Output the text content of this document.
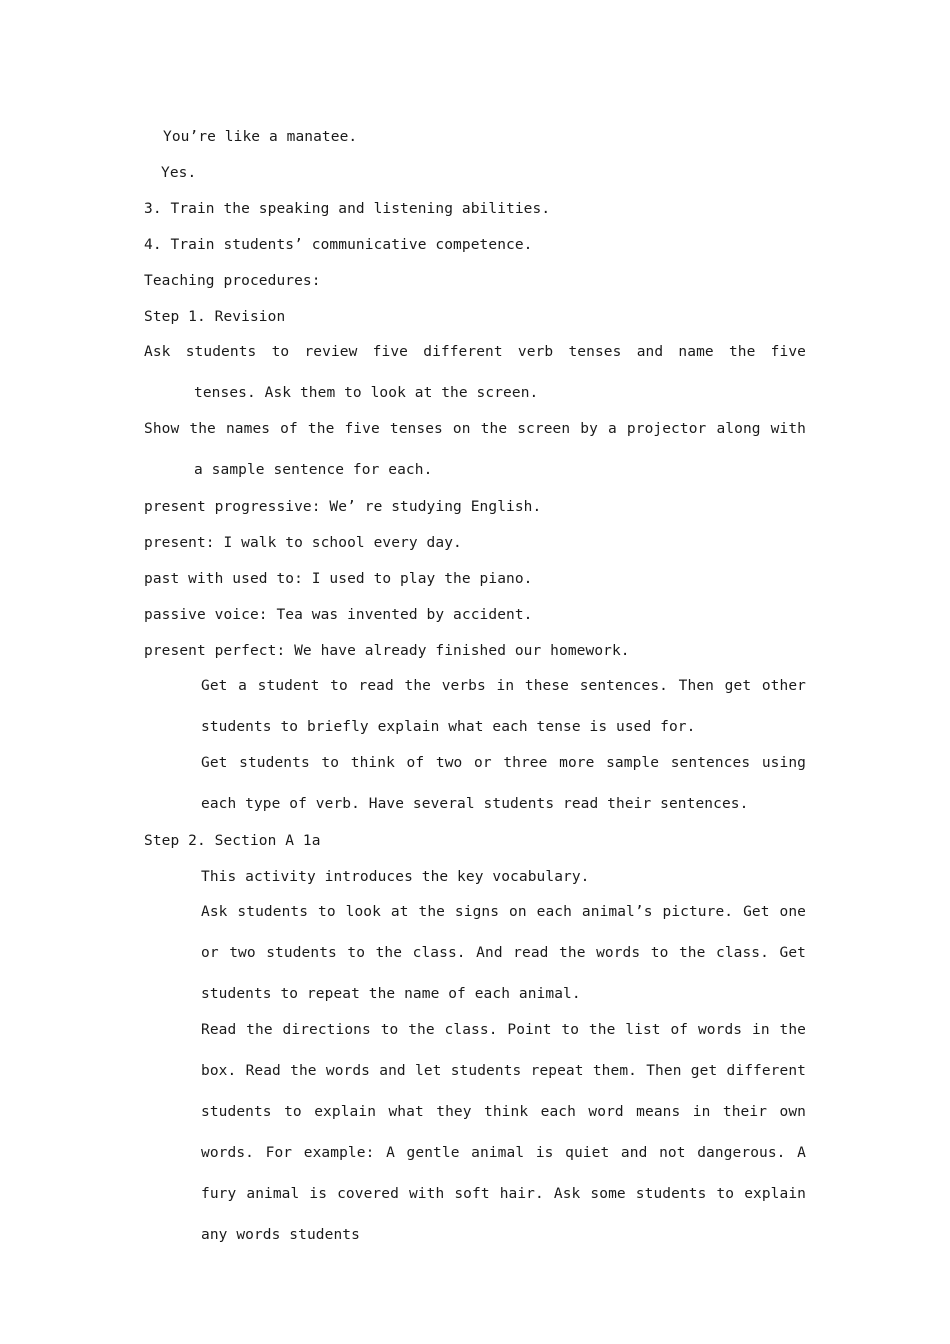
You’re like a manatee.
Yes.
3. Train the speaking and listening abilities.
4. Train students’ communicative competence.
Teaching procedures:
Step 1. Revision
Ask students to review five different verb tenses and name the five tenses. Ask them to look at the screen.
Show the names of the five tenses on the screen by a projector along with a sample sentence for each.
present progressive: We’ re studying English.
present: I walk to school every day.
past with used to: I used to play the piano.
passive voice: Tea was invented by accident.
present perfect: We have already finished our homework.
Get a student to read the verbs in these sentences. Then get other students to briefly explain what each tense is used for.
Get students to think of two or three more sample sentences using each type of verb. Have several students read their sentences.
Step 2. Section A 1a
This activity introduces the key vocabulary.
Ask students to look at the signs on each animal’s picture. Get one or two students to the class. And read the words to the class. Get students to repeat the name of each animal.
Read the directions to the class. Point to the list of words in the box. Read the words and let students repeat them. Then get different students to explain what they think each word means in their own words. For example: A gentle animal is quiet and not dangerous. A fury animal is covered with soft hair. Ask some students to explain any words students
